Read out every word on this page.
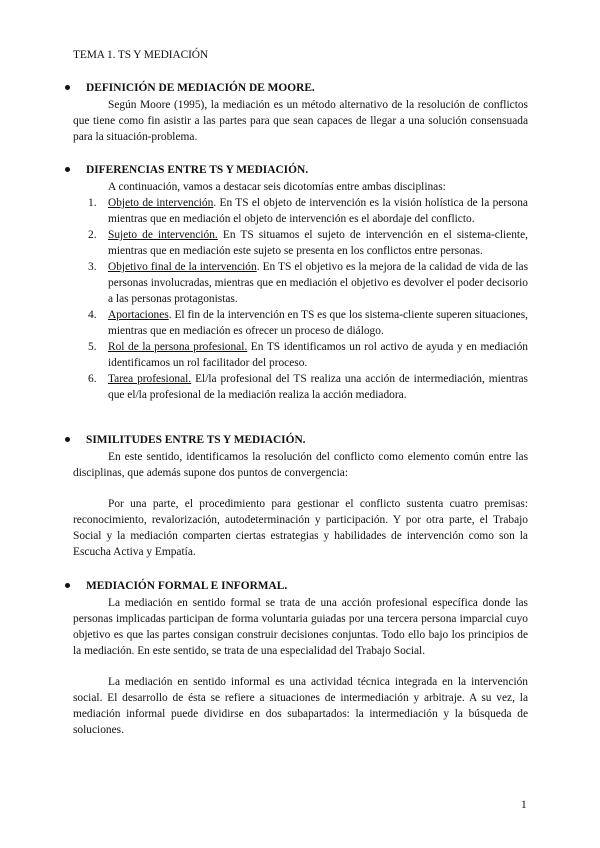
TEMA 1. TS Y MEDIACIÓN
DEFINICIÓN DE MEDIACIÓN DE MOORE.
Según Moore (1995), la mediación es un método alternativo de la resolución de conflictos que tiene como fin asistir a las partes para que sean capaces de llegar a una solución consensuada para la situación-problema.
DIFERENCIAS ENTRE TS Y MEDIACIÓN.
A continuación, vamos a destacar seis dicotomías entre ambas disciplinas:
1. Objeto de intervención. En TS el objeto de intervención es la visión holística de la persona mientras que en mediación el objeto de intervención es el abordaje del conflicto.
2. Sujeto de intervención. En TS situamos el sujeto de intervención en el sistema-cliente, mientras que en mediación este sujeto se presenta en los conflictos entre personas.
3. Objetivo final de la intervención. En TS el objetivo es la mejora de la calidad de vida de las personas involucradas, mientras que en mediación el objetivo es devolver el poder decisorio a las personas protagonistas.
4. Aportaciones. El fin de la intervención en TS es que los sistema-cliente superen situaciones, mientras que en mediación es ofrecer un proceso de diálogo.
5. Rol de la persona profesional. En TS identificamos un rol activo de ayuda y en mediación identificamos un rol facilitador del proceso.
6. Tarea profesional. El/la profesional del TS realiza una acción de intermediación, mientras que el/la profesional de la mediación realiza la acción mediadora.
SIMILITUDES ENTRE TS Y MEDIACIÓN.
En este sentido, identificamos la resolución del conflicto como elemento común entre las disciplinas, que además supone dos puntos de convergencia:
Por una parte, el procedimiento para gestionar el conflicto sustenta cuatro premisas: reconocimiento, revalorización, autodeterminación y participación. Y por otra parte, el Trabajo Social y la mediación comparten ciertas estrategias y habilidades de intervención como son la Escucha Activa y Empatía.
MEDIACIÓN FORMAL E INFORMAL.
La mediación en sentido formal se trata de una acción profesional específica donde las personas implicadas participan de forma voluntaria guiadas por una tercera persona imparcial cuyo objetivo es que las partes consigan construir decisiones conjuntas. Todo ello bajo los principios de la mediación. En este sentido, se trata de una especialidad del Trabajo Social.
La mediación en sentido informal es una actividad técnica integrada en la intervención social. El desarrollo de ésta se refiere a situaciones de intermediación y arbitraje. A su vez, la mediación informal puede dividirse en dos subapartados: la intermediación y la búsqueda de soluciones.
1
